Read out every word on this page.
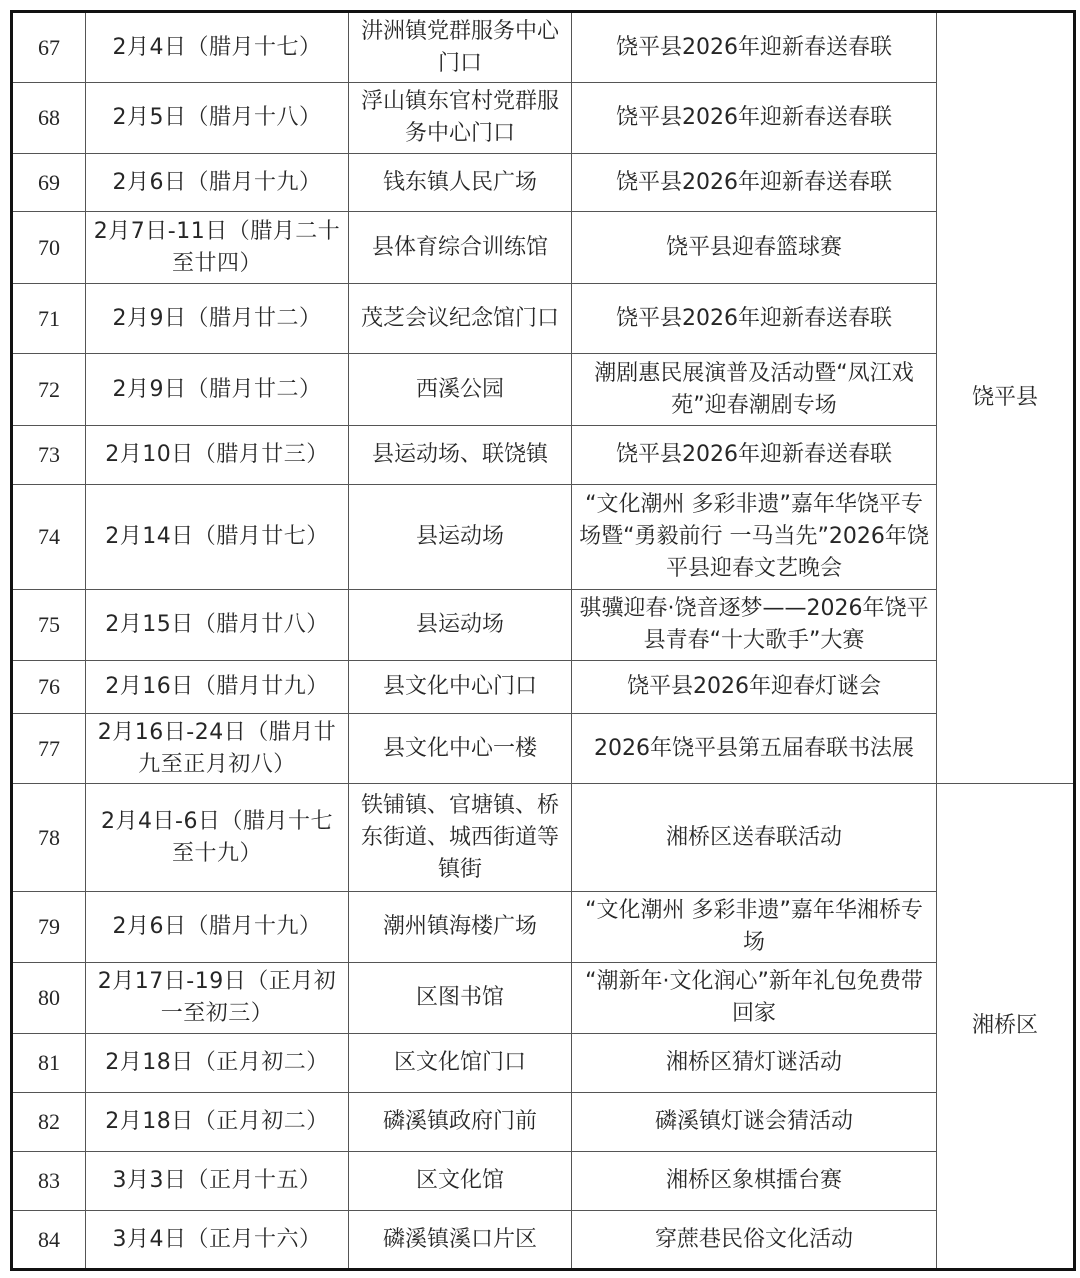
67	2月4日（腊月十七）	汫洲镇党群服务中心门口	饶平县2026年迎新春送春联	饶平县
68	2月5日（腊月十八）	浮山镇东官村党群服务中心门口	饶平县2026年迎新春送春联	
69	2月6日（腊月十九）	钱东镇人民广场	饶平县2026年迎新春送春联	
70	2月7日-11日（腊月二十至廿四）	县体育综合训练馆	饶平县迎春篮球赛	
71	2月9日（腊月廿二）	茂芝会议纪念馆门口	饶平县2026年迎新春送春联	
72	2月9日（腊月廿二）	西溪公园	潮剧惠民展演普及活动暨“凤江戏苑”迎春潮剧专场	
73	2月10日（腊月廿三）	县运动场、联饶镇	饶平县2026年迎新春送春联	
74	2月14日（腊月廿七）	县运动场	“文化潮州 多彩非遗”嘉年华饶平专场暨“勇毅前行 一马当先”2026年饶平县迎春文艺晚会	
75	2月15日（腊月廿八）	县运动场	骐骥迎春·饶音逐梦——2026年饶平县青春“十大歌手”大赛	
76	2月16日（腊月廿九）	县文化中心门口	饶平县2026年迎春灯谜会	
77	2月16日-24日（腊月廿九至正月初八）	县文化中心一楼	2026年饶平县第五届春联书法展	
78	2月4日-6日（腊月十七至十九）	铁铺镇、官塘镇、桥东街道、城西街道等镇街	湘桥区送春联活动	湘桥区
79	2月6日（腊月十九）	潮州镇海楼广场	“文化潮州 多彩非遗”嘉年华湘桥专场	
80	2月17日-19日（正月初一至初三）	区图书馆	“潮新年·文化润心”新年礼包免费带回家	
81	2月18日（正月初二）	区文化馆门口	湘桥区猜灯谜活动	
82	2月18日（正月初二）	磷溪镇政府门前	磷溪镇灯谜会猜活动	
83	3月3日（正月十五）	区文化馆	湘桥区象棋擂台赛	
84	3月4日（正月十六）	磷溪镇溪口片区	穿蔗巷民俗文化活动	
